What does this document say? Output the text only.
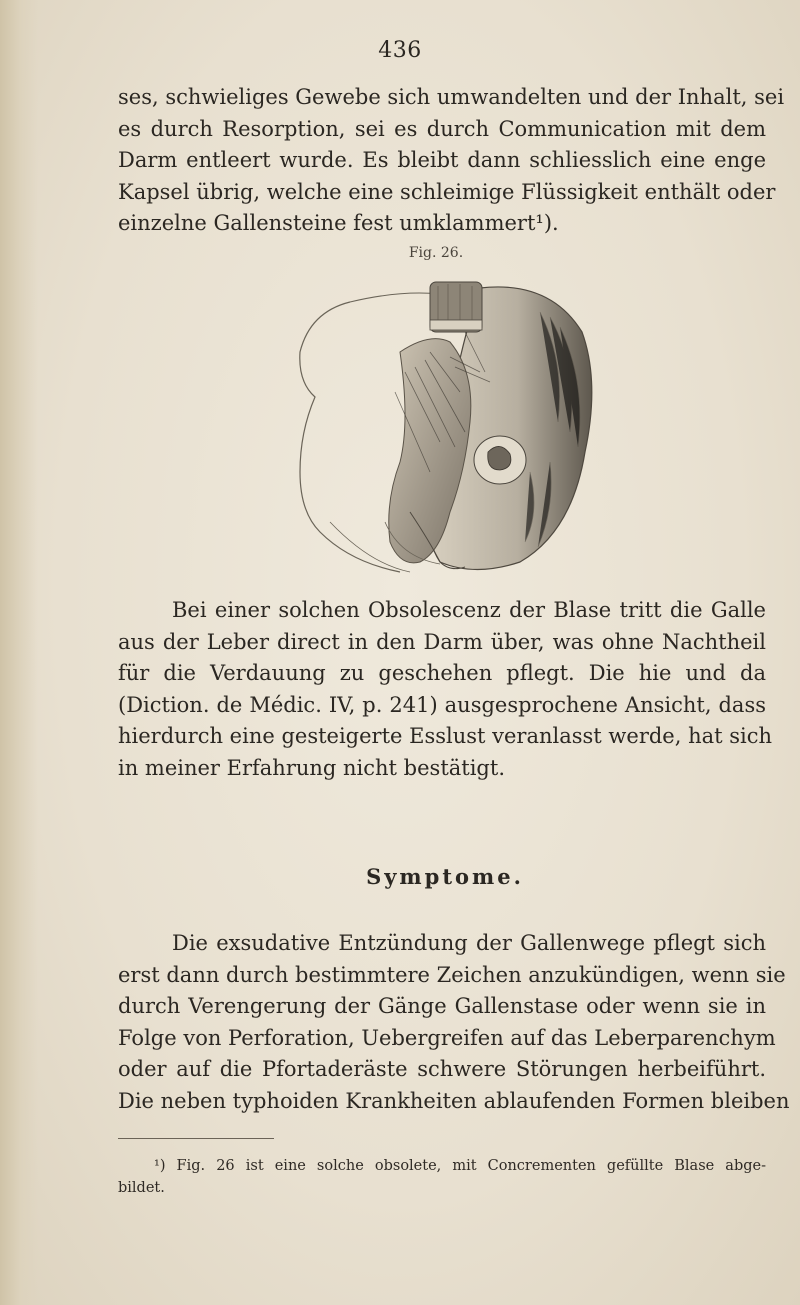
436
ses, schwieliges Gewebe sich umwandelten und der Inhalt, sei
es durch Resorption, sei es durch Communication mit dem
Darm entleert wurde. Es bleibt dann schliesslich eine enge
Kapsel übrig, welche eine schleimige Flüssigkeit enthält oder
einzelne Gallensteine fest umklammert¹).
Fig. 26.
Bei einer solchen Obsolescenz der Blase tritt die Galle
aus der Leber direct in den Darm über, was ohne Nachtheil
für die Verdauung zu geschehen pflegt. Die hie und da
(Diction. de Médic. IV, p. 241) ausgesprochene Ansicht, dass
hierdurch eine gesteigerte Esslust veranlasst werde, hat sich
in meiner Erfahrung nicht bestätigt.
Symptome.
Die exsudative Entzündung der Gallenwege pflegt sich
erst dann durch bestimmtere Zeichen anzukündigen, wenn sie
durch Verengerung der Gänge Gallenstase oder wenn sie in
Folge von Perforation, Uebergreifen auf das Leberparenchym
oder auf die Pfortaderäste schwere Störungen herbeiführt.
Die neben typhoiden Krankheiten ablaufenden Formen bleiben
¹) Fig. 26 ist eine solche obsolete, mit Concrementen gefüllte Blase abge-
bildet.
